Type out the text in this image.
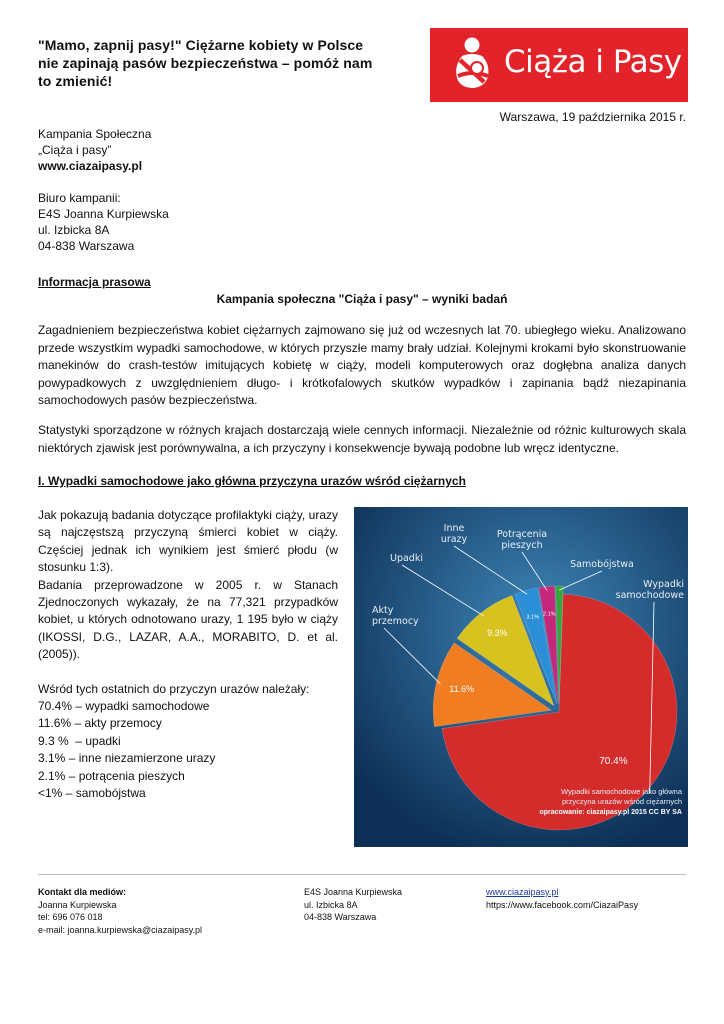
"Mamo, zapnij pasy!" Ciężarne kobiety w Polsce
nie zapinają pasów bezpieczeństwa – pomóż nam
to zmienić!
Ciąża i Pasy
Warszawa, 19 października 2015 r.
Kampania Społeczna
„Ciąża i pasy”
www.ciazaipasy.pl
Biuro kampanii:
E4S Joanna Kurpiewska
ul. Izbicka 8A
04-838 Warszawa
Informacja prasowa
Kampania społeczna "Ciąża i pasy" – wyniki badań
Zagadnieniem bezpieczeństwa kobiet ciężarnych zajmowano się już od wczesnych lat 70. ubiegłego wieku. Analizowano przede wszystkim wypadki samochodowe, w których przyszłe mamy brały udział. Kolejnymi krokami było skonstruowanie manekinów do crash-testów imitujących kobietę w ciąży, modeli komputerowych oraz dogłębna analiza danych powypadkowych z uwzględnieniem długo- i krótkofalowych skutków wypadków i zapinania bądź niezapinania samochodowych pasów bezpieczeństwa.
Statystyki sporządzone w różnych krajach dostarczają wiele cennych informacji. Niezależnie od różnic kulturowych skala niektórych zjawisk jest porównywalna, a ich przyczyny i konsekwencje bywają podobne lub wręcz identyczne.
I. Wypadki samochodowe jako główna przyczyna urazów wśród ciężarnych

Jak pokazują badania dotyczące profilaktyki ciąży, urazy są najczęstszą przyczyną śmierci kobiet w ciąży. Częściej jednak ich wynikiem jest śmierć płodu (w stosunku 1:3).

Badania przeprowadzone w 2005 r. w Stanach Zjednoczonych wykazały, że na 77,321 przypadków kobiet, u których odnotowano urazy, 1 195 było w ciąży (IKOSSI, D.G., LAZAR, A.A., MORABITO, D. et al. (2005)).

Wśród tych ostatnich do przyczyn urazów należały:

70.4% – wypadki samochodowe
11.6% – akty przemocy
9.3 %  – upadki
3.1% – inne niezamierzone urazy
2.1% – potrącenia pieszych
<1% – samobójstwa
70.4%
11.6%
9.3%
3.1%
2.1%
Wypadki
samochodowe
Akty
przemocy
Upadki
Inne
urazy	Potrącenia
pieszych
Samobójstwa
Wypadki samochodowe jako główna
przyczyna urazów wśród ciężarnych
opracowanie: ciazaipasy.pl 2015 CC BY SA
Kontakt dla mediów:
Joanna Kurpiewska
tel: 696 076 018
e-mail: joanna.kurpiewska@ciazaipasy.pl
E4S Joanna Kurpiewska
ul. Izbicka 8A
04-838 Warszawa
www.ciazaipasy.pl
https://www.facebook.com/CiazaiPasy
